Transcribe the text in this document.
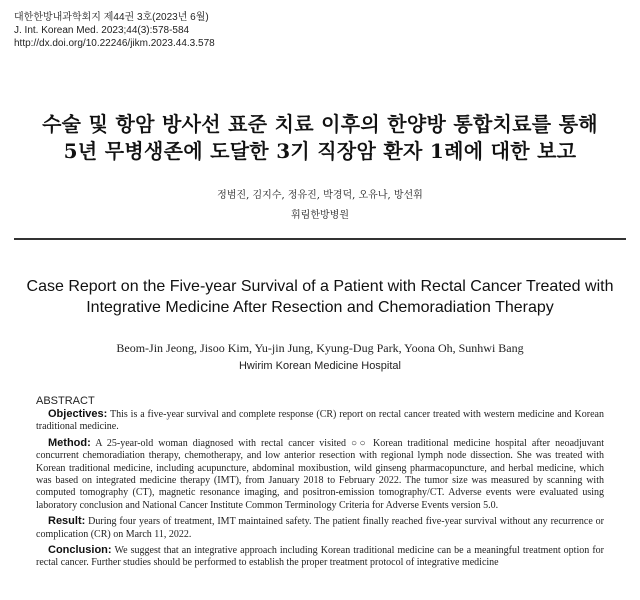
대한한방내과학회지 제44권 3호(2023년 6월)
J. Int. Korean Med. 2023;44(3):578-584
http://dx.doi.org/10.22246/jikm.2023.44.3.578
수술 및 항암 방사선 표준 치료 이후의 한양방 통합치료를 통해
5년 무병생존에 도달한 3기 직장암 환자 1례에 대한 보고
정범진, 김지수, 정유진, 박경덕, 오유나, 방선휘
휘림한방병원
Case Report on the Five-year Survival of a Patient with Rectal Cancer Treated with
Integrative Medicine After Resection and Chemoradiation Therapy
Beom-Jin Jeong, Jisoo Kim, Yu-jin Jung, Kyung-Dug Park, Yoona Oh, Sunhwi Bang
Hwirim Korean Medicine Hospital
ABSTRACT

Objectives: This is a five-year survival and complete response (CR) report on rectal cancer treated with western medicine and Korean traditional medicine.

Method: A 25-year-old woman diagnosed with rectal cancer visited ○○ Korean traditional medicine hospital after neoadjuvant concurrent chemoradiation therapy, chemotherapy, and low anterior resection with regional lymph node dissection. She was treated with Korean traditional medicine, including acupuncture, abdominal moxibustion, wild ginseng pharmacopuncture, and herbal medicine, which was based on integrated medicine therapy (IMT), from January 2018 to February 2022. The tumor size was measured by scanning with computed tomography (CT), magnetic resonance imaging, and positron-emission tomography/CT. Adverse events were evaluated using laboratory conclusion and National Cancer Institute Common Terminology Criteria for Adverse Events version 5.0.

Result: During four years of treatment, IMT maintained safety. The patient finally reached five-year survival without any recurrence or complication (CR) on March 11, 2022.

Conclusion: We suggest that an integrative approach including Korean traditional medicine can be a meaningful treatment option for rectal cancer. Further studies should be performed to establish the proper treatment protocol of integrative medicine
